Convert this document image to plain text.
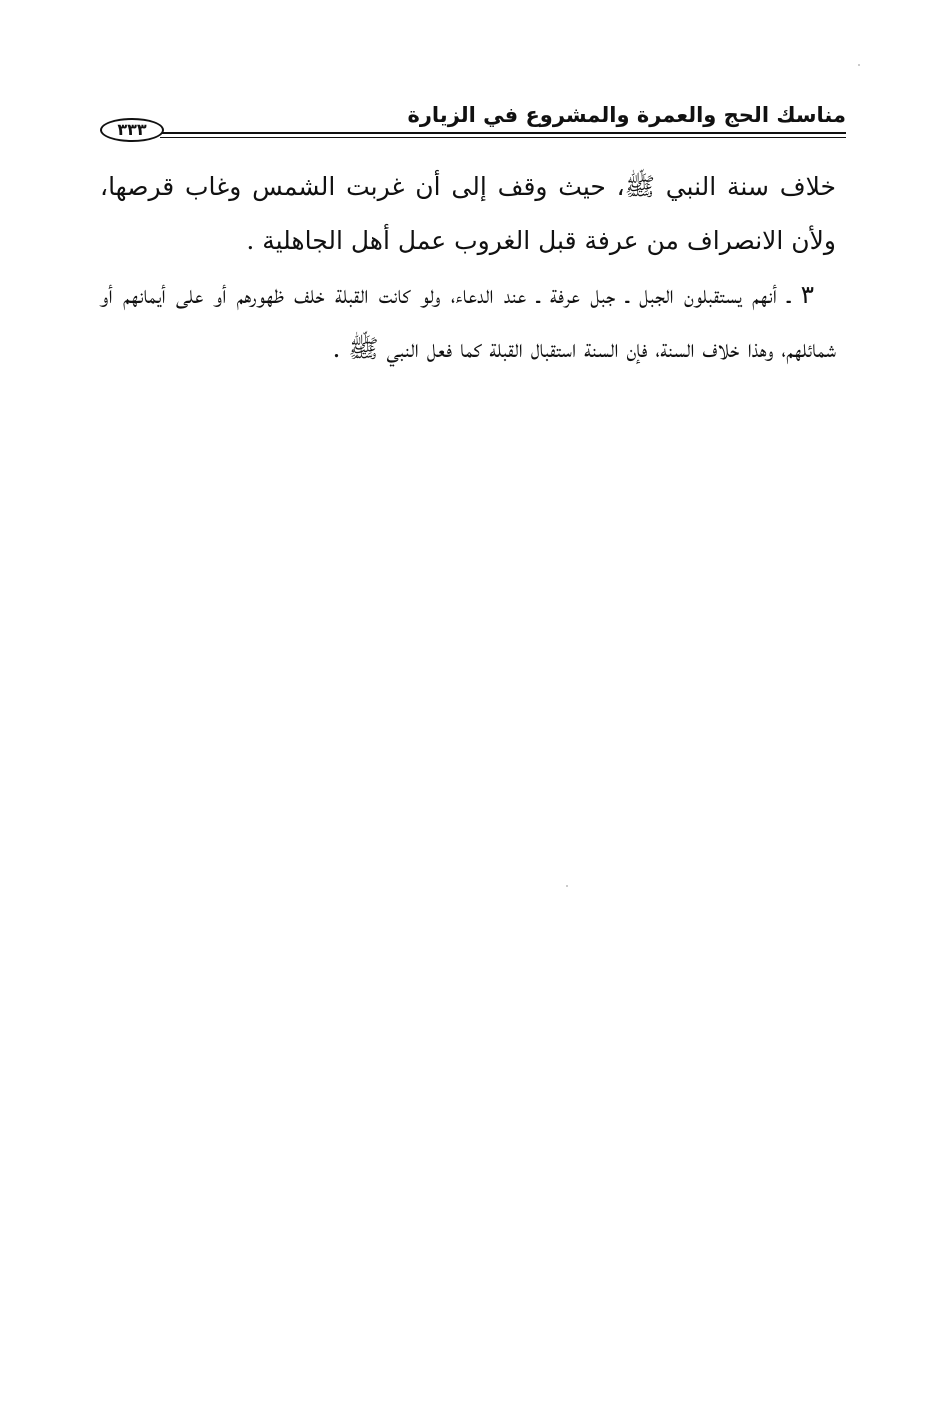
مناسك الحج والعمرة والمشروع في الزيارة
٣٣٣

خلاف سنة النبي ﷺ، حيث وقف إلى أن غربت الشمس وغاب قرصها، ولأن الانصراف من عرفة قبل الغروب عمل أهل الجاهلية .

٣ ـ أنهم يستقبلون الجبل ـ جبل عرفة ـ عند الدعاء، ولو كانت القبلة خلف ظهورهم أو على أيمانهم أو شمائلهم، وهذا خلاف السنة، فإن السنة استقبال القبلة كما فعل النبي ﷺ .
